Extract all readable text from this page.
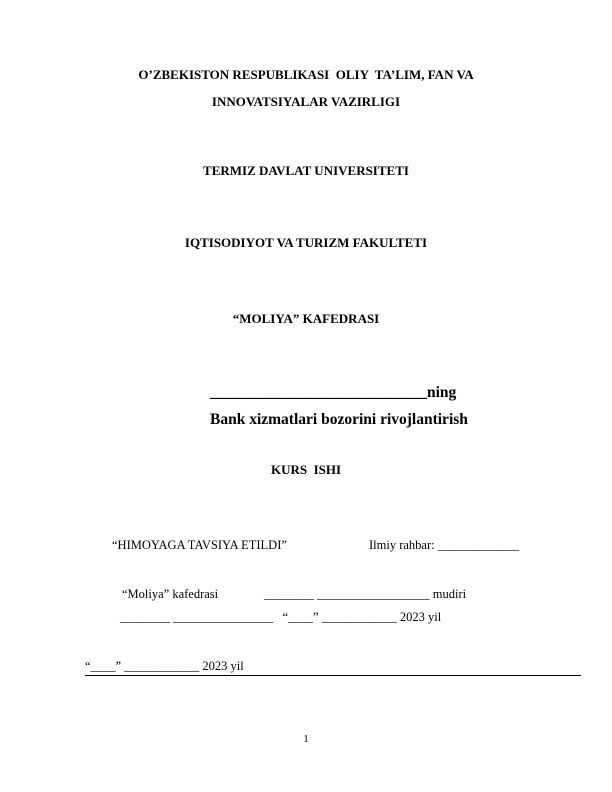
O’ZBEKISTON RESPUBLIKASI  OLIY  TA’LIM, FAN VA
INNOVATSIYALAR VAZIRLIGI
TERMIZ DAVLAT UNIVERSITETI
IQTISODIYOT VA TURIZM FAKULTETI
“MOLIYA” KAFEDRASI
____________________________ning
Bank xizmatlari bozorini rivojlantirish
KURS  ISHI
“HIMOYAGA TAVSIYA ETILDI”	Ilmiy rahbar: _____________
“Moliya” kafedrasi	________ __________________ mudiri
________ ________________   “____” ____________ 2023 yil
“____” ____________ 2023 yil
1
